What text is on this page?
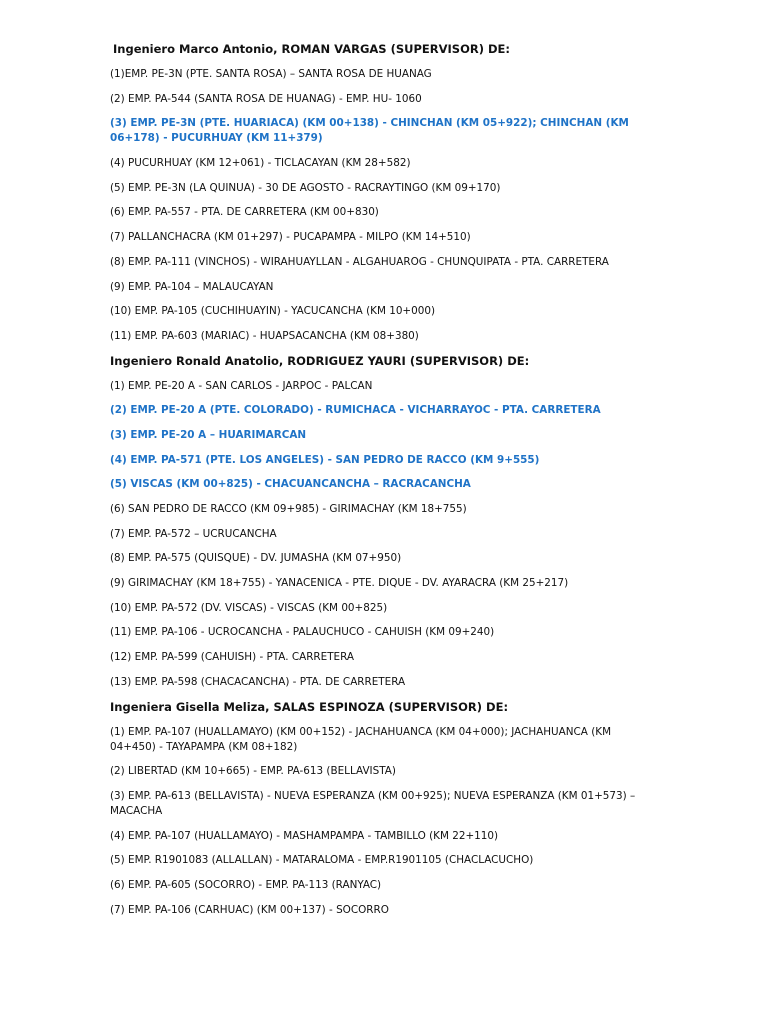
Ingeniero Marco Antonio, ROMAN VARGAS (SUPERVISOR) DE:
(1)EMP. PE-3N (PTE. SANTA ROSA) – SANTA ROSA DE HUANAG
(2) EMP. PA-544 (SANTA ROSA DE HUANAG) - EMP. HU- 1060
(3) EMP. PE-3N (PTE. HUARIACA) (KM 00+138) - CHINCHAN (KM 05+922); CHINCHAN (KM 06+178) - PUCURHUAY (KM 11+379)
(4) PUCURHUAY (KM 12+061) - TICLACAYAN (KM 28+582)
(5) EMP. PE-3N (LA QUINUA) - 30 DE AGOSTO - RACRAYTINGO (KM 09+170)
(6) EMP. PA-557 - PTA. DE CARRETERA (KM 00+830)
(7) PALLANCHACRA (KM 01+297) - PUCAPAMPA - MILPO (KM 14+510)
(8) EMP. PA-111 (VINCHOS) - WIRAHUAYLLAN - ALGAHUAROG - CHUNQUIPATA - PTA. CARRETERA
(9) EMP. PA-104 – MALAUCAYAN
(10) EMP. PA-105 (CUCHIHUAYIN) - YACUCANCHA (KM 10+000)
(11) EMP. PA-603 (MARIAC) - HUAPSACANCHA (KM 08+380)
Ingeniero Ronald Anatolio, RODRIGUEZ YAURI (SUPERVISOR) DE:
(1) EMP. PE-20 A - SAN CARLOS - JARPOC - PALCAN
(2) EMP. PE-20 A (PTE. COLORADO) - RUMICHACA - VICHARRAYOC - PTA. CARRETERA
(3) EMP. PE-20 A – HUARIMARCAN
(4) EMP. PA-571 (PTE. LOS ANGELES) - SAN PEDRO DE RACCO (KM 9+555)
(5) VISCAS (KM 00+825) - CHACUANCANCHA – RACRACANCHA
(6) SAN PEDRO DE RACCO (KM 09+985) - GIRIMACHAY (KM 18+755)
(7) EMP. PA-572 – UCRUCANCHA
(8) EMP. PA-575 (QUISQUE) - DV. JUMASHA (KM 07+950)
(9) GIRIMACHAY (KM 18+755) - YANACENICA - PTE. DIQUE - DV. AYARACRA (KM 25+217)
(10) EMP. PA-572 (DV. VISCAS) - VISCAS (KM 00+825)
(11) EMP. PA-106 - UCROCANCHA - PALAUCHUCO - CAHUISH (KM 09+240)
(12) EMP. PA-599 (CAHUISH) - PTA. CARRETERA
(13) EMP. PA-598 (CHACACANCHA) - PTA. DE CARRETERA
Ingeniera Gisella Meliza, SALAS ESPINOZA (SUPERVISOR) DE:
(1) EMP. PA-107 (HUALLAMAYO) (KM 00+152) - JACHAHUANCA (KM 04+000); JACHAHUANCA (KM 04+450) - TAYAPAMPA (KM 08+182)
(2) LIBERTAD (KM 10+665) - EMP. PA-613 (BELLAVISTA)
(3) EMP. PA-613 (BELLAVISTA) - NUEVA ESPERANZA (KM 00+925); NUEVA ESPERANZA (KM 01+573) – MACACHA
(4) EMP. PA-107 (HUALLAMAYO) - MASHAMPAMPA - TAMBILLO (KM 22+110)
(5) EMP. R1901083 (ALLALLAN) - MATARALOMA - EMP.R1901105 (CHACLACUCHO)
(6) EMP. PA-605 (SOCORRO) - EMP. PA-113 (RANYAC)
(7) EMP. PA-106 (CARHUAC) (KM 00+137) - SOCORRO
